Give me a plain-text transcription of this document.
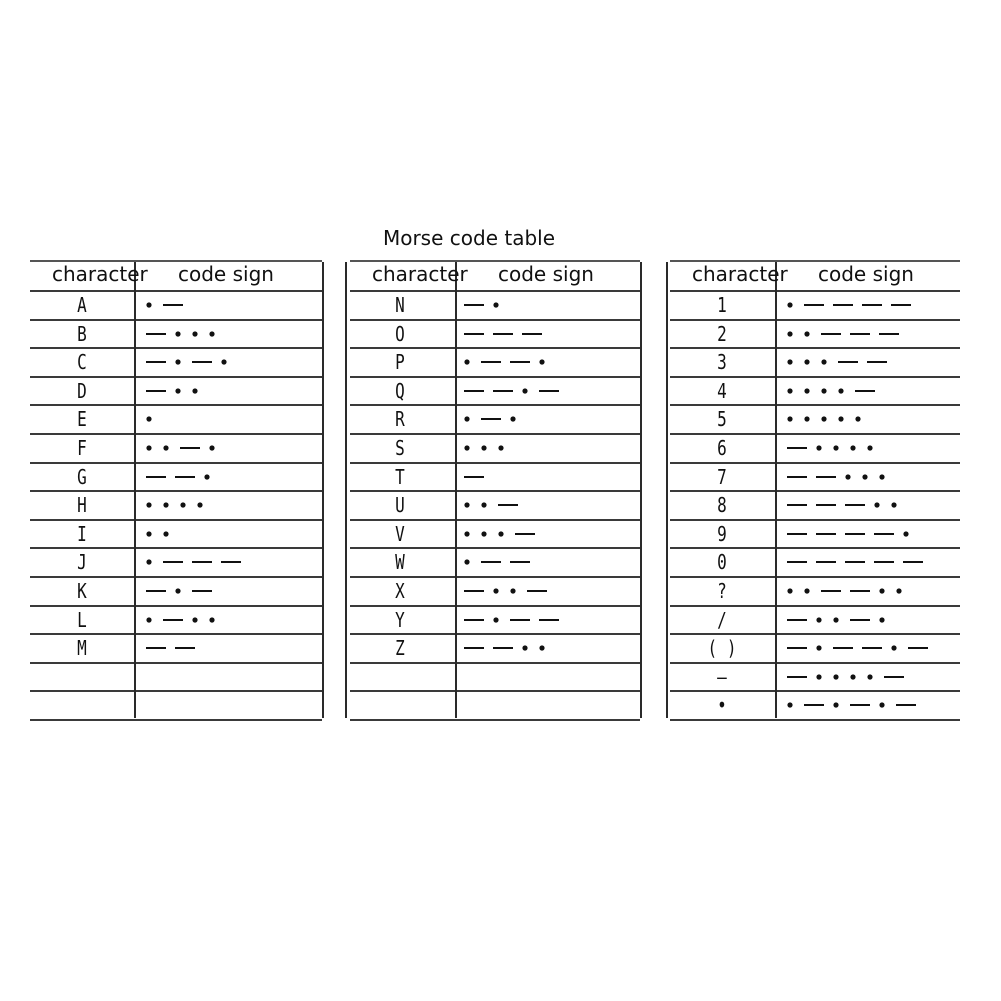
Morse code table
character code sign	character code sign	character code sign
A
B
C
D
E
F
G
H
I
J
K
L
M
N
O
P
Q
R
S
T
U
V
W
X
Y
Z
1
2
3
4
5
6
7
8
9
0
?
/
( )
—
•
